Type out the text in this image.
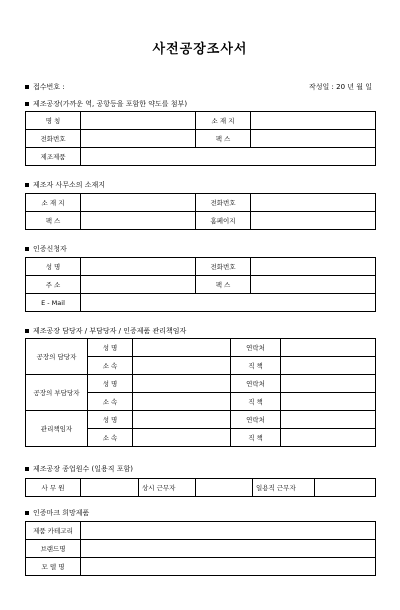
사전공장조사서
접수번호 :	작성일 : 20 년 월 일
제조공장(가까운 역, 공항등을 포함한 약도를 첨부)
명 칭		소 재 지	
전화번호		팩 스	
제조제품			
제조자 사무소의 소재지
소 재 지		전화번호	
팩 스		홈페이지	
인증신청자
성 명		전화번호	
주 소		팩 스	
E - Mail			
제조공장 담당자 / 부담당자 / 인증제품 관리책임자
공장의 담당자	성 명		연락처	
	소 속		직 책	
공장의 부담당자	성 명		연락처	
	소 속		직 책	
관리책임자	성 명		연락처	
	소 속		직 책	
제조공장 종업원수 (일용직 포함)
사 무 원		상시 근무자		일용직 근무자	
인증마크 희망제품
제품 카테고리	
브랜드명	
모 델 명	
